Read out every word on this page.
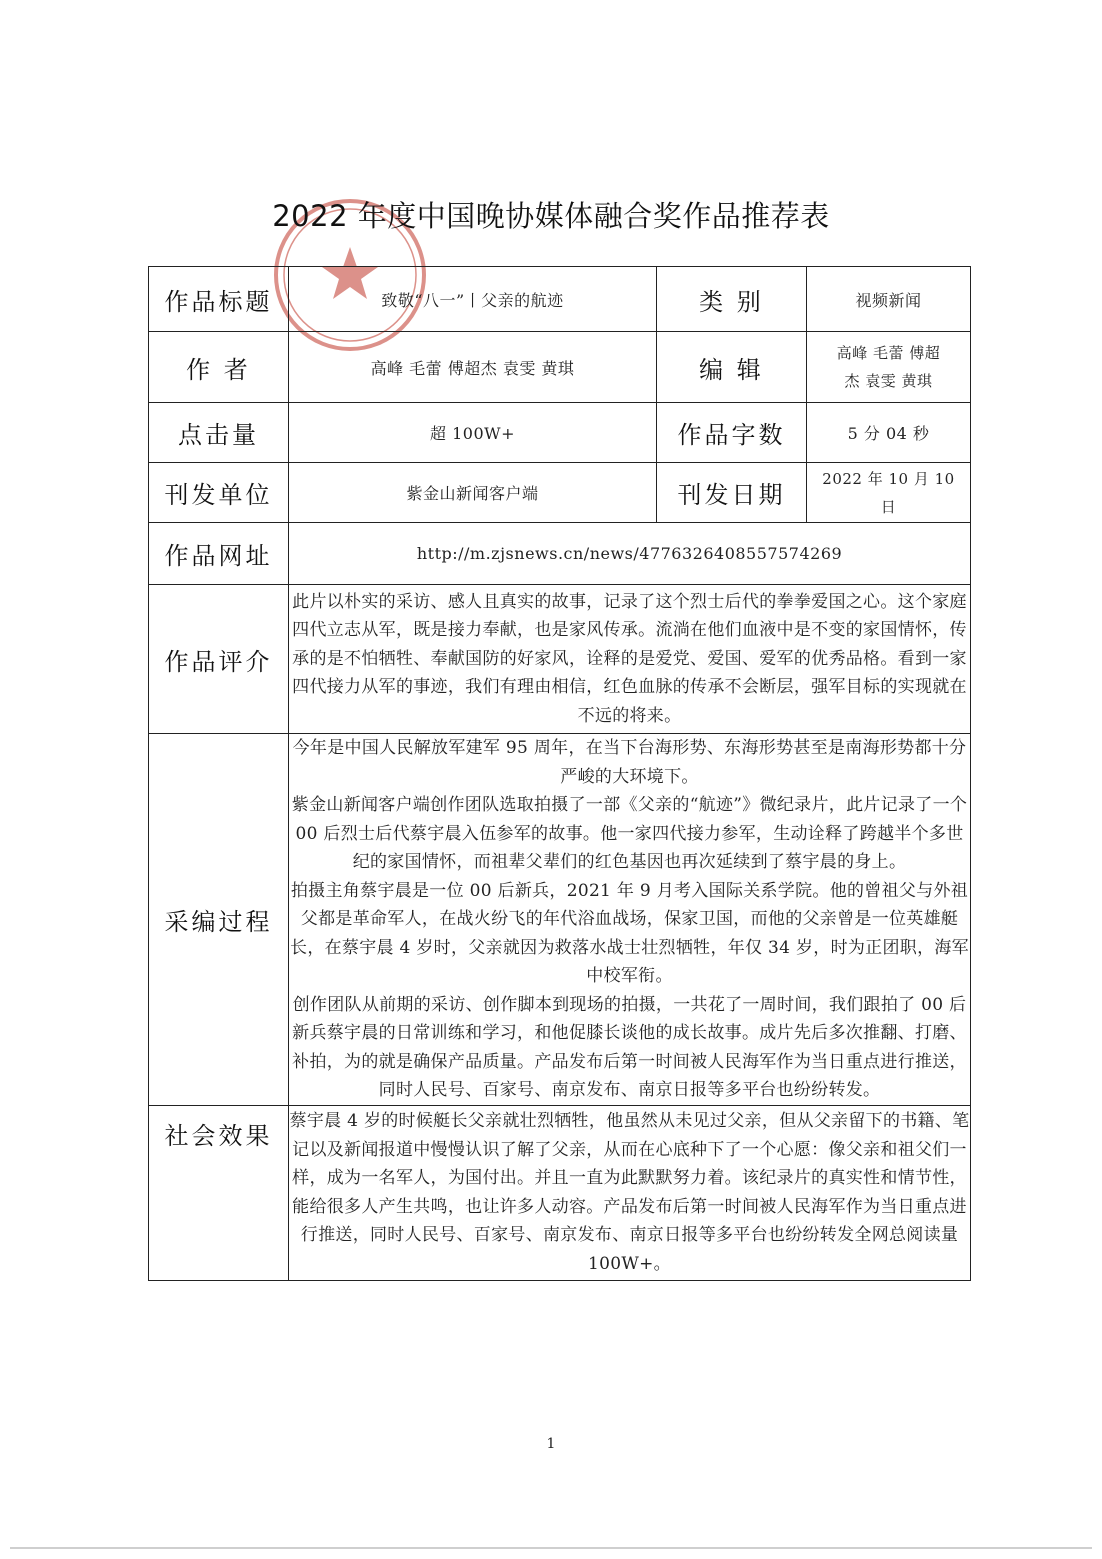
2022 年度中国晚协媒体融合奖作品推荐表
作品标题	致敬“八一”丨父亲的航迹	类 别	视频新闻
作 者	高峰 毛蕾 傅超杰 袁雯 黄琪	编 辑	高峰 毛蕾 傅超
杰 袁雯 黄琪

点击量	超 100W+	作品字数	5 分 04 秒
刊发单位	紫金山新闻客户端	刊发日期	2022 年 10 月 10
日

作品网址	http://m.zjsnews.cn/news/4776326408557574269		
作品评介	此片以朴实的采访、感人且真实的故事，记录了这个烈士后代的拳拳爱国之心。这个家庭四代立志从军，既是接力奉献，也是家风传承。流淌在他们血液中是不变的家国情怀，传承的是不怕牺牲、奉献国防的好家风，诠释的是爱党、爱国、爱军的优秀品格。看到一家四代接力从军的事迹，我们有理由相信，红色血脉的传承不会断层，强军目标的实现就在不远的将来。		

采编过程	今年是中国人民解放军建军 95 周年，在当下台海形势、东海形势甚至是南海形势都十分严峻的大环境下。

紫金山新闻客户端创作团队选取拍摄了一部《父亲的“航迹”》微纪录片，此片记录了一个 00 后烈士后代蔡宇晨入伍参军的故事。他一家四代接力参军，生动诠释了跨越半个多世纪的家国情怀，而祖辈父辈们的红色基因也再次延续到了蔡宇晨的身上。

拍摄主角蔡宇晨是一位 00 后新兵，2021 年 9 月考入国际关系学院。他的曾祖父与外祖父都是革命军人，在战火纷飞的年代浴血战场，保家卫国，而他的父亲曾是一位英雄艇长，在蔡宇晨 4 岁时，父亲就因为救落水战士壮烈牺牲，年仅 34 岁，时为正团职，海军中校军衔。

创作团队从前期的采访、创作脚本到现场的拍摄，一共花了一周时间，我们跟拍了 00 后新兵蔡宇晨的日常训练和学习，和他促膝长谈他的成长故事。成片先后多次推翻、打磨、补拍，为的就是确保产品质量。产品发布后第一时间被人民海军作为当日重点进行推送，同时人民号、百家号、南京发布、南京日报等多平台也纷纷转发。		

社会效果	蔡宇晨 4 岁的时候艇长父亲就壮烈牺牲，他虽然从未见过父亲，但从父亲留下的书籍、笔记以及新闻报道中慢慢认识了解了父亲，从而在心底种下了一个心愿：像父亲和祖父们一样，成为一名军人，为国付出。并且一直为此默默努力着。该纪录片的真实性和情节性，能给很多人产生共鸣，也让许多人动容。产品发布后第一时间被人民海军作为当日重点进行推送，同时人民号、百家号、南京发布、南京日报等多平台也纷纷转发全网总阅读量 100W+。		

1
